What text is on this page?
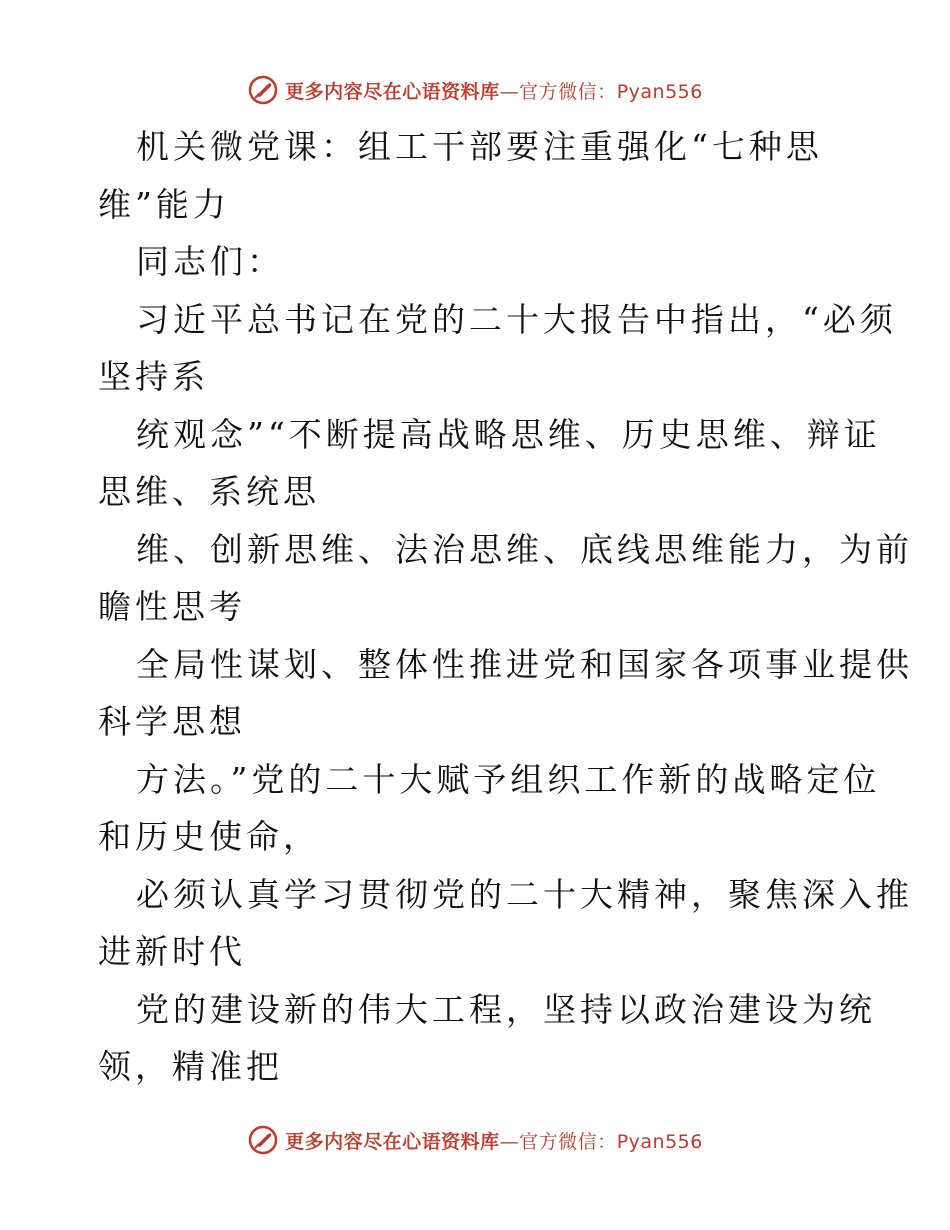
更多内容尽在心语资料库—官方微信：Pyan556
机关微党课：组工干部要注重强化“七种思
维”能力
同志们：
习近平总书记在党的二十大报告中指出，“必须
坚持系
统观念”“不断提高战略思维、历史思维、辩证
思维、系统思
维、创新思维、法治思维、底线思维能力，为前
瞻性思考
全局性谋划、整体性推进党和国家各项事业提供
科学思想
方法。”党的二十大赋予组织工作新的战略定位
和历史使命，
必须认真学习贯彻党的二十大精神，聚焦深入推
进新时代
党的建设新的伟大工程，坚持以政治建设为统
领，精准把
更多内容尽在心语资料库—官方微信：Pyan556
